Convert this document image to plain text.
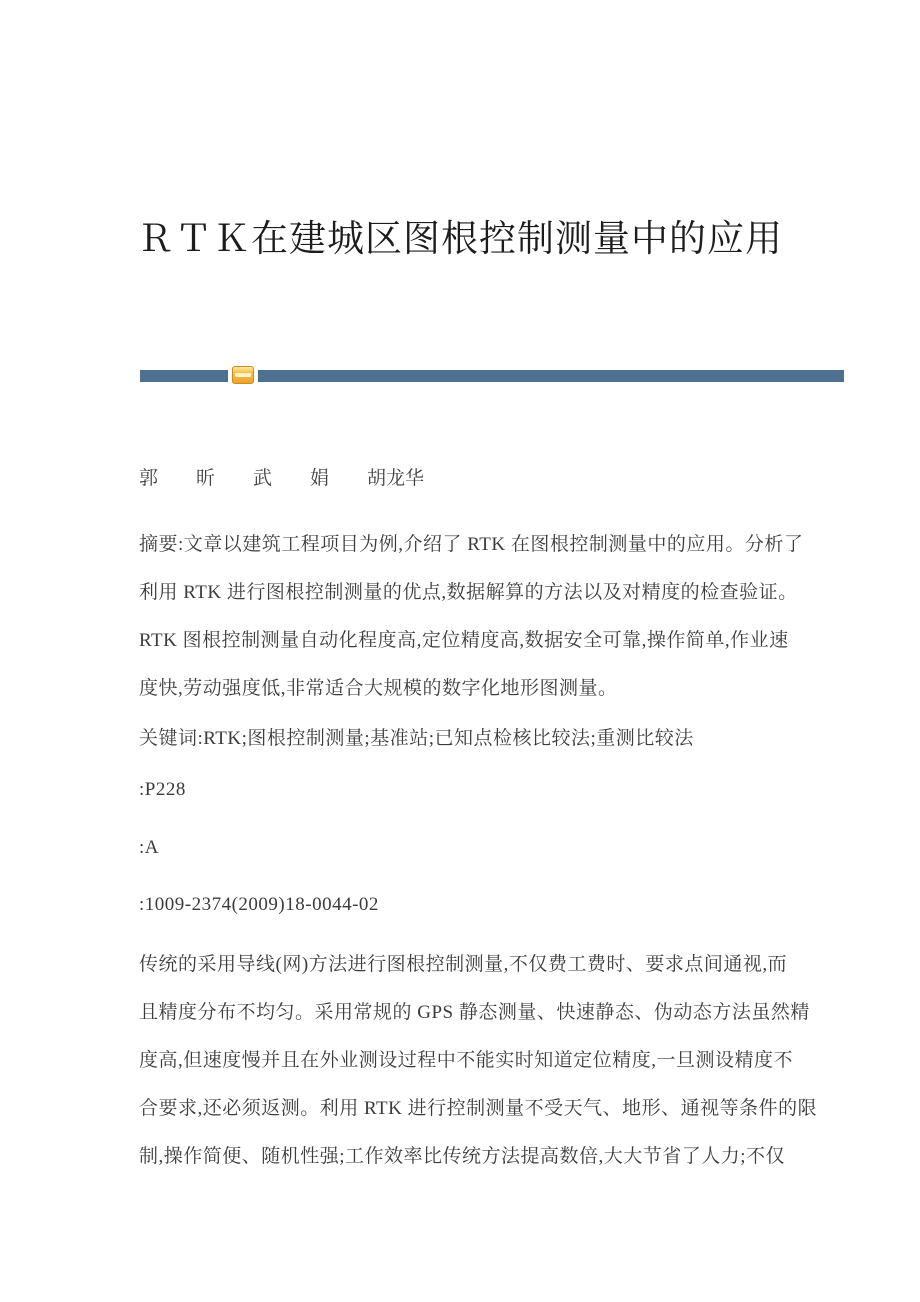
ＲＴＫ在建城区图根控制测量中的应用
郭　　昕　　武　　娟　　胡龙华
摘要:文章以建筑工程项目为例,介绍了 RTK 在图根控制测量中的应用。分析了
利用 RTK 进行图根控制测量的优点,数据解算的方法以及对精度的检查验证。
RTK 图根控制测量自动化程度高,定位精度高,数据安全可靠,操作简单,作业速
度快,劳动强度低,非常适合大规模的数字化地形图测量。
关键词:RTK;图根控制测量;基准站;已知点检核比较法;重测比较法
:P228
:A
:1009-2374(2009)18-0044-02
传统的采用导线(网)方法进行图根控制测量,不仅费工费时、要求点间通视,而
且精度分布不均匀。采用常规的 GPS 静态测量、快速静态、伪动态方法虽然精
度高,但速度慢并且在外业测设过程中不能实时知道定位精度,一旦测设精度不
合要求,还必须返测。利用 RTK 进行控制测量不受天气、地形、通视等条件的限
制,操作简便、随机性强;工作效率比传统方法提高数倍,大大节省了人力;不仅
